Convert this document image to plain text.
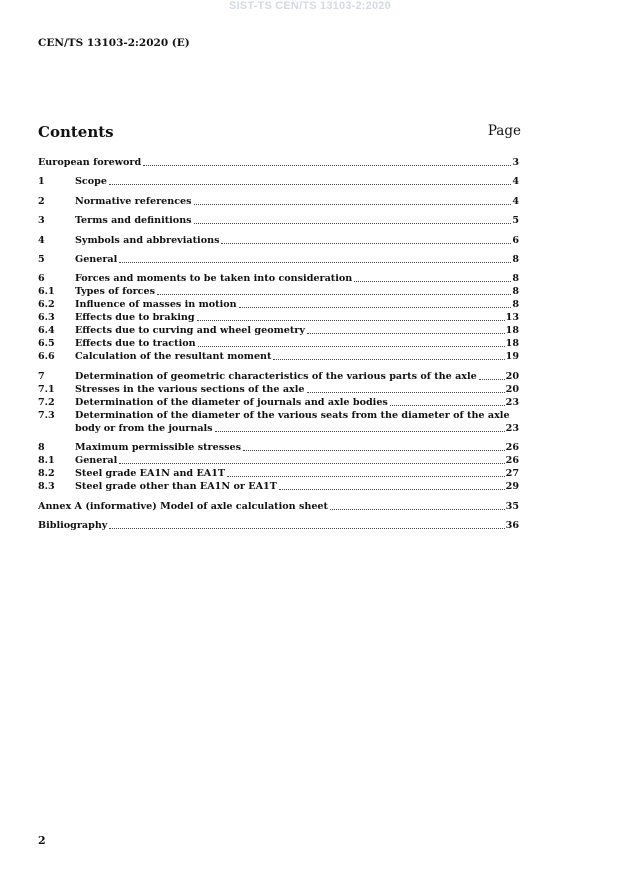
SIST-TS CEN/TS 13103-2:2020
CEN/TS 13103-2:2020 (E)
Contents	Page
European foreword	3
1	Scope	4
2	Normative references	4
3	Terms and definitions	5
4	Symbols and abbreviations	6
5	General	8
6	Forces and moments to be taken into consideration	8
6.1	Types of forces	8
6.2	Influence of masses in motion	8
6.3	Effects due to braking	13
6.4	Effects due to curving and wheel geometry	18
6.5	Effects due to traction	18
6.6	Calculation of the resultant moment	19
7	Determination of geometric characteristics of the various parts of the axle	20
7.1	Stresses in the various sections of the axle	20
7.2	Determination of the diameter of journals and axle bodies	23
7.3	Determination of the diameter of the various seats from the diameter of the axle
body or from the journals	23
8	Maximum permissible stresses	26
8.1	General	26
8.2	Steel grade EA1N and EA1T	27
8.3	Steel grade other than EA1N or EA1T	29
Annex A (informative) Model of axle calculation sheet	35
Bibliography	36
2
